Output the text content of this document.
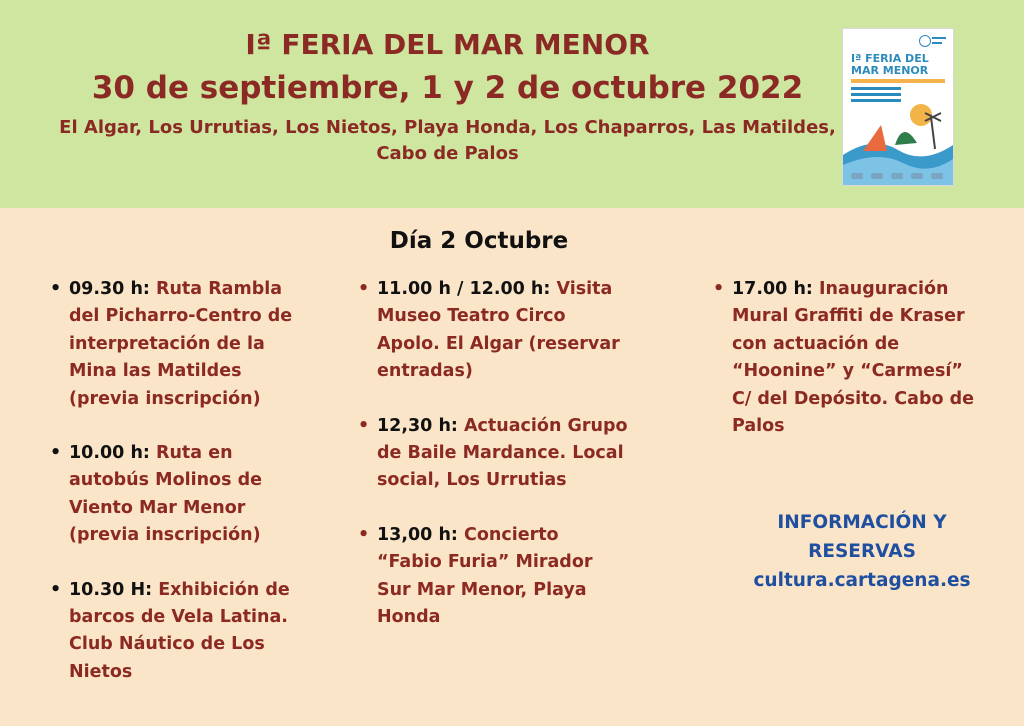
Iª FERIA DEL MAR MENOR
30 de septiembre, 1 y 2 de octubre 2022
El Algar, Los Urrutias, Los Nietos, Playa Honda, Los Chaparros, Las Matildes,
Cabo de Palos
Iª FERIA DEL
MAR MENOR
Día 2 Octubre
• 09.30 h: Ruta Rambla del Picharro-Centro de interpretación de la Mina las Matildes (previa inscripción)
• 10.00 h: Ruta en autobús Molinos de Viento Mar Menor (previa inscripción)
• 10.30 H: Exhibición de barcos de Vela Latina. Club Náutico de Los Nietos
• 11.00 h / 12.00 h: Visita Museo Teatro Circo Apolo. El Algar (reservar entradas)
• 12,30 h: Actuación Grupo de Baile Mardance. Local social, Los Urrutias
• 13,00 h: Concierto “Fabio Furia” Mirador Sur Mar Menor, Playa Honda
• 17.00 h: Inauguración Mural Graffiti de Kraser con actuación de “Hoonine” y “Carmesí” C/ del Depósito. Cabo de Palos
INFORMACIÓN Y
RESERVAS
cultura.cartagena.es
